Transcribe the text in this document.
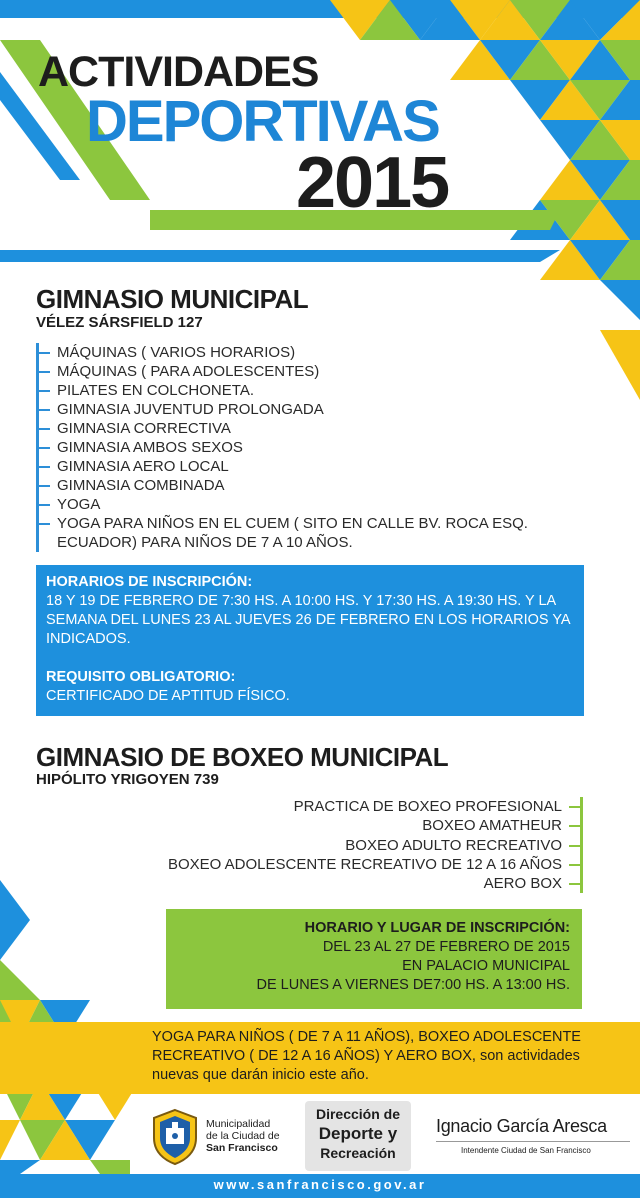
ACTIVIDADES
DEPORTIVAS
2015
GIMNASIO MUNICIPAL
VÉLEZ SÁRSFIELD 127
MÁQUINAS ( VARIOS HORARIOS)
MÁQUINAS ( PARA ADOLESCENTES)
PILATES EN COLCHONETA.
GIMNASIA JUVENTUD PROLONGADA
GIMNASIA CORRECTIVA
GIMNASIA AMBOS SEXOS
GIMNASIA AERO LOCAL
GIMNASIA COMBINADA
YOGA
YOGA PARA NIÑOS EN EL CUEM ( SITO EN CALLE BV. ROCA ESQ. ECUADOR) PARA NIÑOS DE 7 A 10 AÑOS.
HORARIOS DE INSCRIPCIÓN:
18 Y 19 DE FEBRERO DE 7:30 HS. A 10:00 HS. Y 17:30 HS. A 19:30 HS. Y LA SEMANA DEL LUNES 23 AL JUEVES 26 DE FEBRERO EN LOS HORARIOS YA INDICADOS.
REQUISITO OBLIGATORIO:
CERTIFICADO DE APTITUD FÍSICO.
GIMNASIO DE BOXEO MUNICIPAL
HIPÓLITO YRIGOYEN 739
PRACTICA DE BOXEO PROFESIONAL
BOXEO AMATHEUR
BOXEO ADULTO RECREATIVO
BOXEO ADOLESCENTE RECREATIVO DE 12 A 16 AÑOS
AERO BOX
HORARIO Y LUGAR DE INSCRIPCIÓN:
DEL 23 AL 27 DE FEBRERO DE 2015
EN PALACIO MUNICIPAL
DE LUNES A VIERNES DE7:00 HS. A 13:00 HS.
YOGA PARA NIÑOS ( DE 7 A 11 AÑOS), BOXEO ADOLESCENTE RECREATIVO ( DE 12 A 16 AÑOS) Y AERO BOX, son actividades nuevas que darán inicio este año.
Municipalidad
de la Ciudad de
San Francisco
Dirección de
Deporte y
Recreación
Ignacio García Aresca
Intendente Ciudad de San Francisco
www.sanfrancisco.gov.ar
